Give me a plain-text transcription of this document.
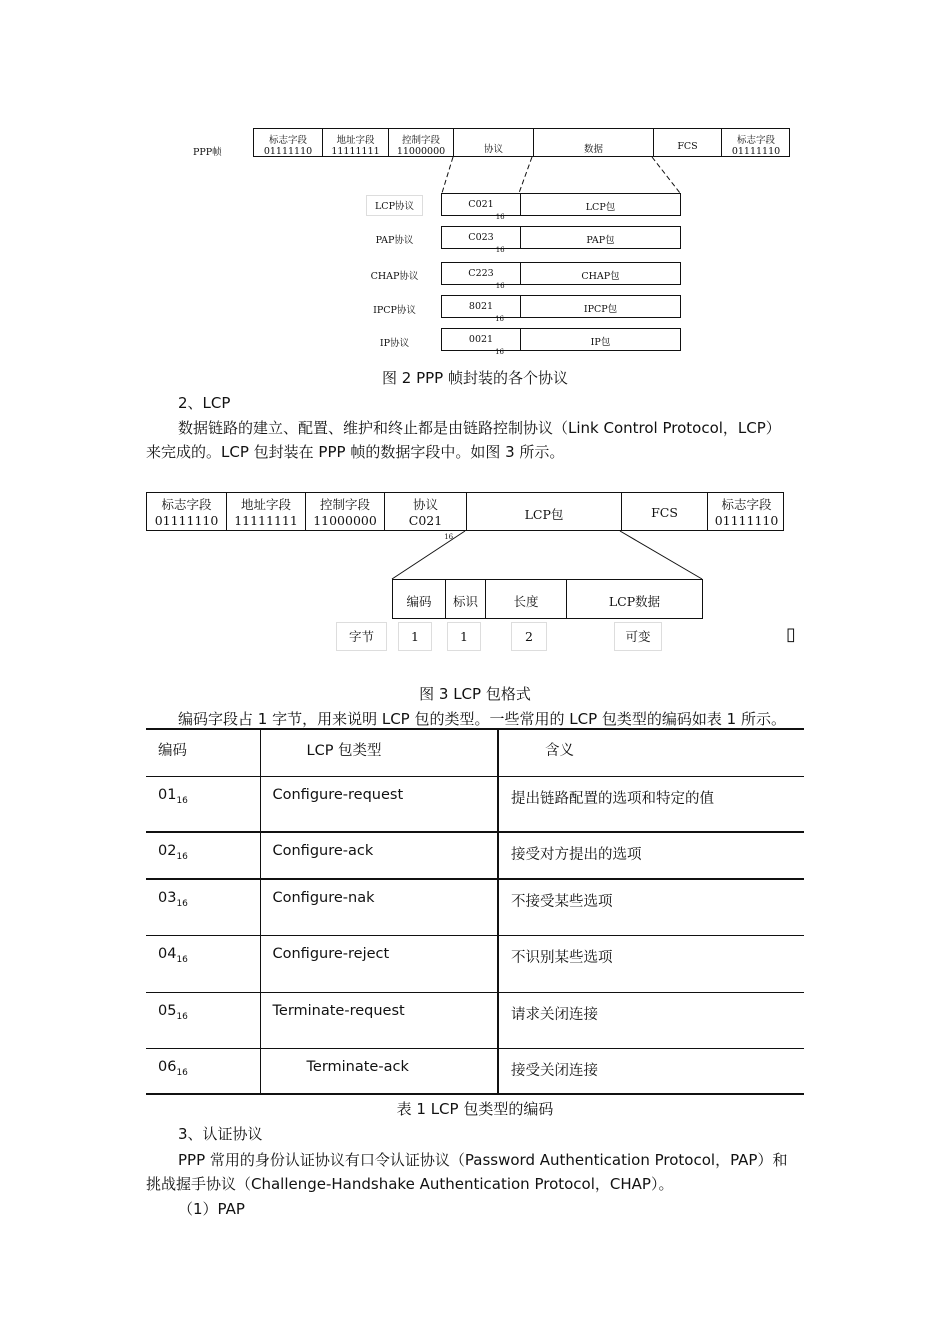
PPP帧
标志字段
01111110
地址字段
11111111
控制字段
11000000	协议	数据	FCS
标志字段
01111110
LCP协议	C021
16
LCP包
PAP协议	C023
16
PAP包
CHAP协议	C223
16
CHAP包
IPCP协议	8021
16
IPCP包
IP协议	0021
16
IP包
图 2 PPP 帧封装的各个协议
2、LCP
数据链路的建立、配置、维护和终止都是由链路控制协议（Link Control Protocol，LCP）
来完成的。LCP 包封装在 PPP 帧的数据字段中。如图 3 所示。
标志字段
01111110
地址字段
11111111
控制字段
11000000
协议
C021
16
LCP包	FCS
标志字段
01111110
编码	标识	长度	LCP数据
字节	1	1	2	可变	▯
图 3 LCP 包格式
编码字段占 1 字节，用来说明 LCP 包的类型。一些常用的 LCP 包类型的编码如表 1 所示。
编码	LCP 包类型	含义
$01_{16}$	Configure-request	提出链路配置的选项和特定的值
$02_{16}$	Configure-ack	接受对方提出的选项
$03_{16}$	Configure-nak	不接受某些选项
$04_{16}$	Configure-reject	不识别某些选项
$05_{16}$	Terminate-request	请求关闭连接
$06_{16}$	Terminate-ack	接受关闭连接
表 1 LCP 包类型的编码
3、认证协议
PPP 常用的身份认证协议有口令认证协议（Password Authentication Protocol，PAP）和
挑战握手协议（Challenge-Handshake Authentication Protocol，CHAP）。
（1）PAP
